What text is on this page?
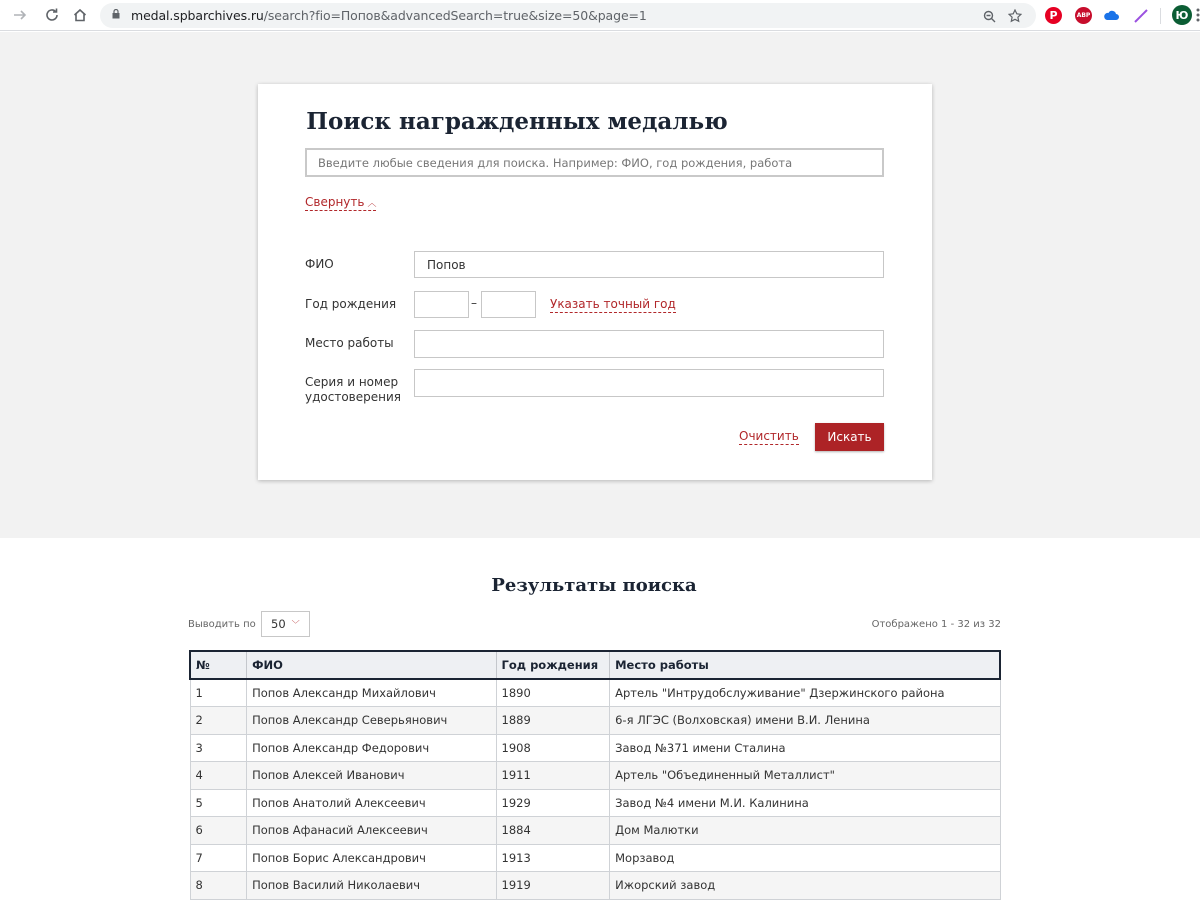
medal.spbarchives.ru/search?fio=Попов&advancedSearch=true&size=50&page=1	P	ABP	Ю
Поиск награжденных медалью
Введите любые сведения для поиска. Например: ФИО, год рождения, работа
Свернуть ︿
ФИО
Попов
Год рождения	–	Указать точный год
Место работы
Серия и номер
удостоверения
Очистить	Искать
Результаты поиска
Выводить по 50 ﹀	Отображено 1 - 32 из 32
№	ФИО	Год рождения	Место работы
1	Попов Александр Михайлович	1890	Артель "Интрудобслуживание" Дзержинского района
2	Попов Александр Северьянович	1889	6-я ЛГЭС (Волховская) имени В.И. Ленина
3	Попов Александр Федорович	1908	Завод №371 имени Сталина
4	Попов Алексей Иванович	1911	Артель "Объединенный Металлист"
5	Попов Анатолий Алексеевич	1929	Завод №4 имени М.И. Калинина
6	Попов Афанасий Алексеевич	1884	Дом Малютки
7	Попов Борис Александрович	1913	Морзавод
8	Попов Василий Николаевич	1919	Ижорский завод
